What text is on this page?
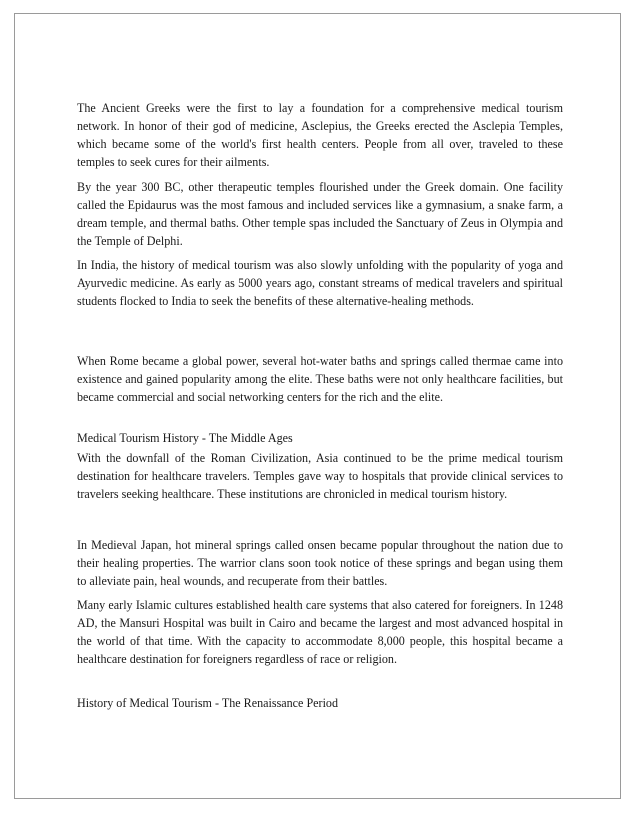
The Ancient Greeks were the first to lay a foundation for a comprehensive medical tourism network. In honor of their god of medicine, Asclepius, the Greeks erected the Asclepia Temples, which became some of the world's first health centers. People from all over, traveled to these temples to seek cures for their ailments.

By the year 300 BC, other therapeutic temples flourished under the Greek domain. One facility called the Epidaurus was the most famous and included services like a gymnasium, a snake farm, a dream temple, and thermal baths. Other temple spas included the Sanctuary of Zeus in Olympia and the Temple of Delphi.

In India, the history of medical tourism was also slowly unfolding with the popularity of yoga and Ayurvedic medicine. As early as 5000 years ago, constant streams of medical travelers and spiritual students flocked to India to seek the benefits of these alternative-healing methods.

When Rome became a global power, several hot-water baths and springs called thermae came into existence and gained popularity among the elite. These baths were not only healthcare facilities, but became commercial and social networking centers for the rich and the elite.

Medical Tourism History - The Middle Ages

With the downfall of the Roman Civilization, Asia continued to be the prime medical tourism destination for healthcare travelers. Temples gave way to hospitals that provide clinical services to travelers seeking healthcare. These institutions are chronicled in medical tourism history.

In Medieval Japan, hot mineral springs called onsen became popular throughout the nation due to their healing properties. The warrior clans soon took notice of these springs and began using them to alleviate pain, heal wounds, and recuperate from their battles.

Many early Islamic cultures established health care systems that also catered for foreigners. In 1248 AD, the Mansuri Hospital was built in Cairo and became the largest and most advanced hospital in the world of that time. With the capacity to accommodate 8,000 people, this hospital became a healthcare destination for foreigners regardless of race or religion.

History of Medical Tourism - The Renaissance Period
